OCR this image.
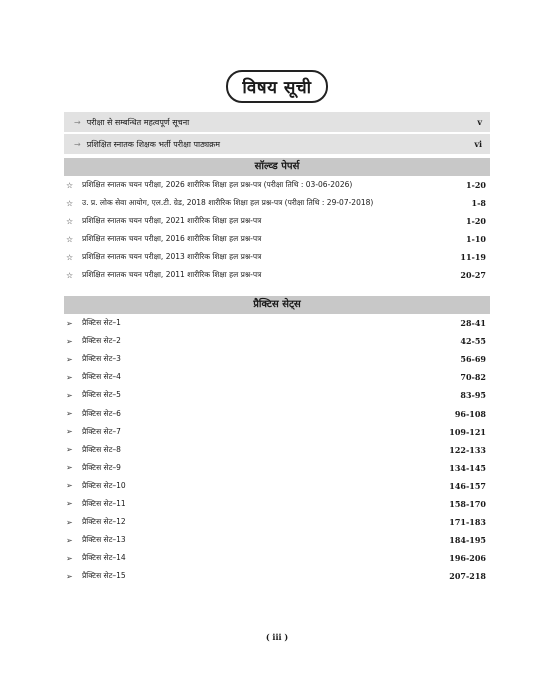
विषय सूची
→ परीक्षा से सम्बन्धित महत्वपूर्ण सूचना	v
→ प्रशिक्षित स्नातक शिक्षक भर्ती परीक्षा पाठ्यक्रम	vi
सॉल्व्ड पेपर्स
☆	प्रशिक्षित स्नातक चयन परीक्षा, 2026 शारीरिक शिक्षा हल प्रश्न-पत्र (परीक्षा तिथि : 03-06-2026)	1-20
☆	उ. प्र. लोक सेवा आयोग, एल.टी. ग्रेड, 2018 शारीरिक शिक्षा हल प्रश्न-पत्र (परीक्षा तिथि : 29-07-2018)	1-8
☆	प्रशिक्षित स्नातक चयन परीक्षा, 2021 शारीरिक शिक्षा हल प्रश्न-पत्र	1-20
☆	प्रशिक्षित स्नातक चयन परीक्षा, 2016 शारीरिक शिक्षा हल प्रश्न-पत्र	1-10
☆	प्रशिक्षित स्नातक चयन परीक्षा, 2013 शारीरिक शिक्षा हल प्रश्न-पत्र	11-19
☆	प्रशिक्षित स्नातक चयन परीक्षा, 2011 शारीरिक शिक्षा हल प्रश्न-पत्र	20-27
प्रैक्टिस सेट्स
➢	प्रैक्टिस सेट–1	28-41
➢	प्रैक्टिस सेट–2	42-55
➢	प्रैक्टिस सेट–3	56-69
➢	प्रैक्टिस सेट–4	70-82
➢	प्रैक्टिस सेट–5	83-95
➢	प्रैक्टिस सेट–6	96-108
➢	प्रैक्टिस सेट–7	109-121
➢	प्रैक्टिस सेट–8	122-133
➢	प्रैक्टिस सेट–9	134-145
➢	प्रैक्टिस सेट–10	146-157
➢	प्रैक्टिस सेट–11	158-170
➢	प्रैक्टिस सेट–12	171-183
➢	प्रैक्टिस सेट–13	184-195
➢	प्रैक्टिस सेट–14	196-206
➢	प्रैक्टिस सेट–15	207-218
( iii )
